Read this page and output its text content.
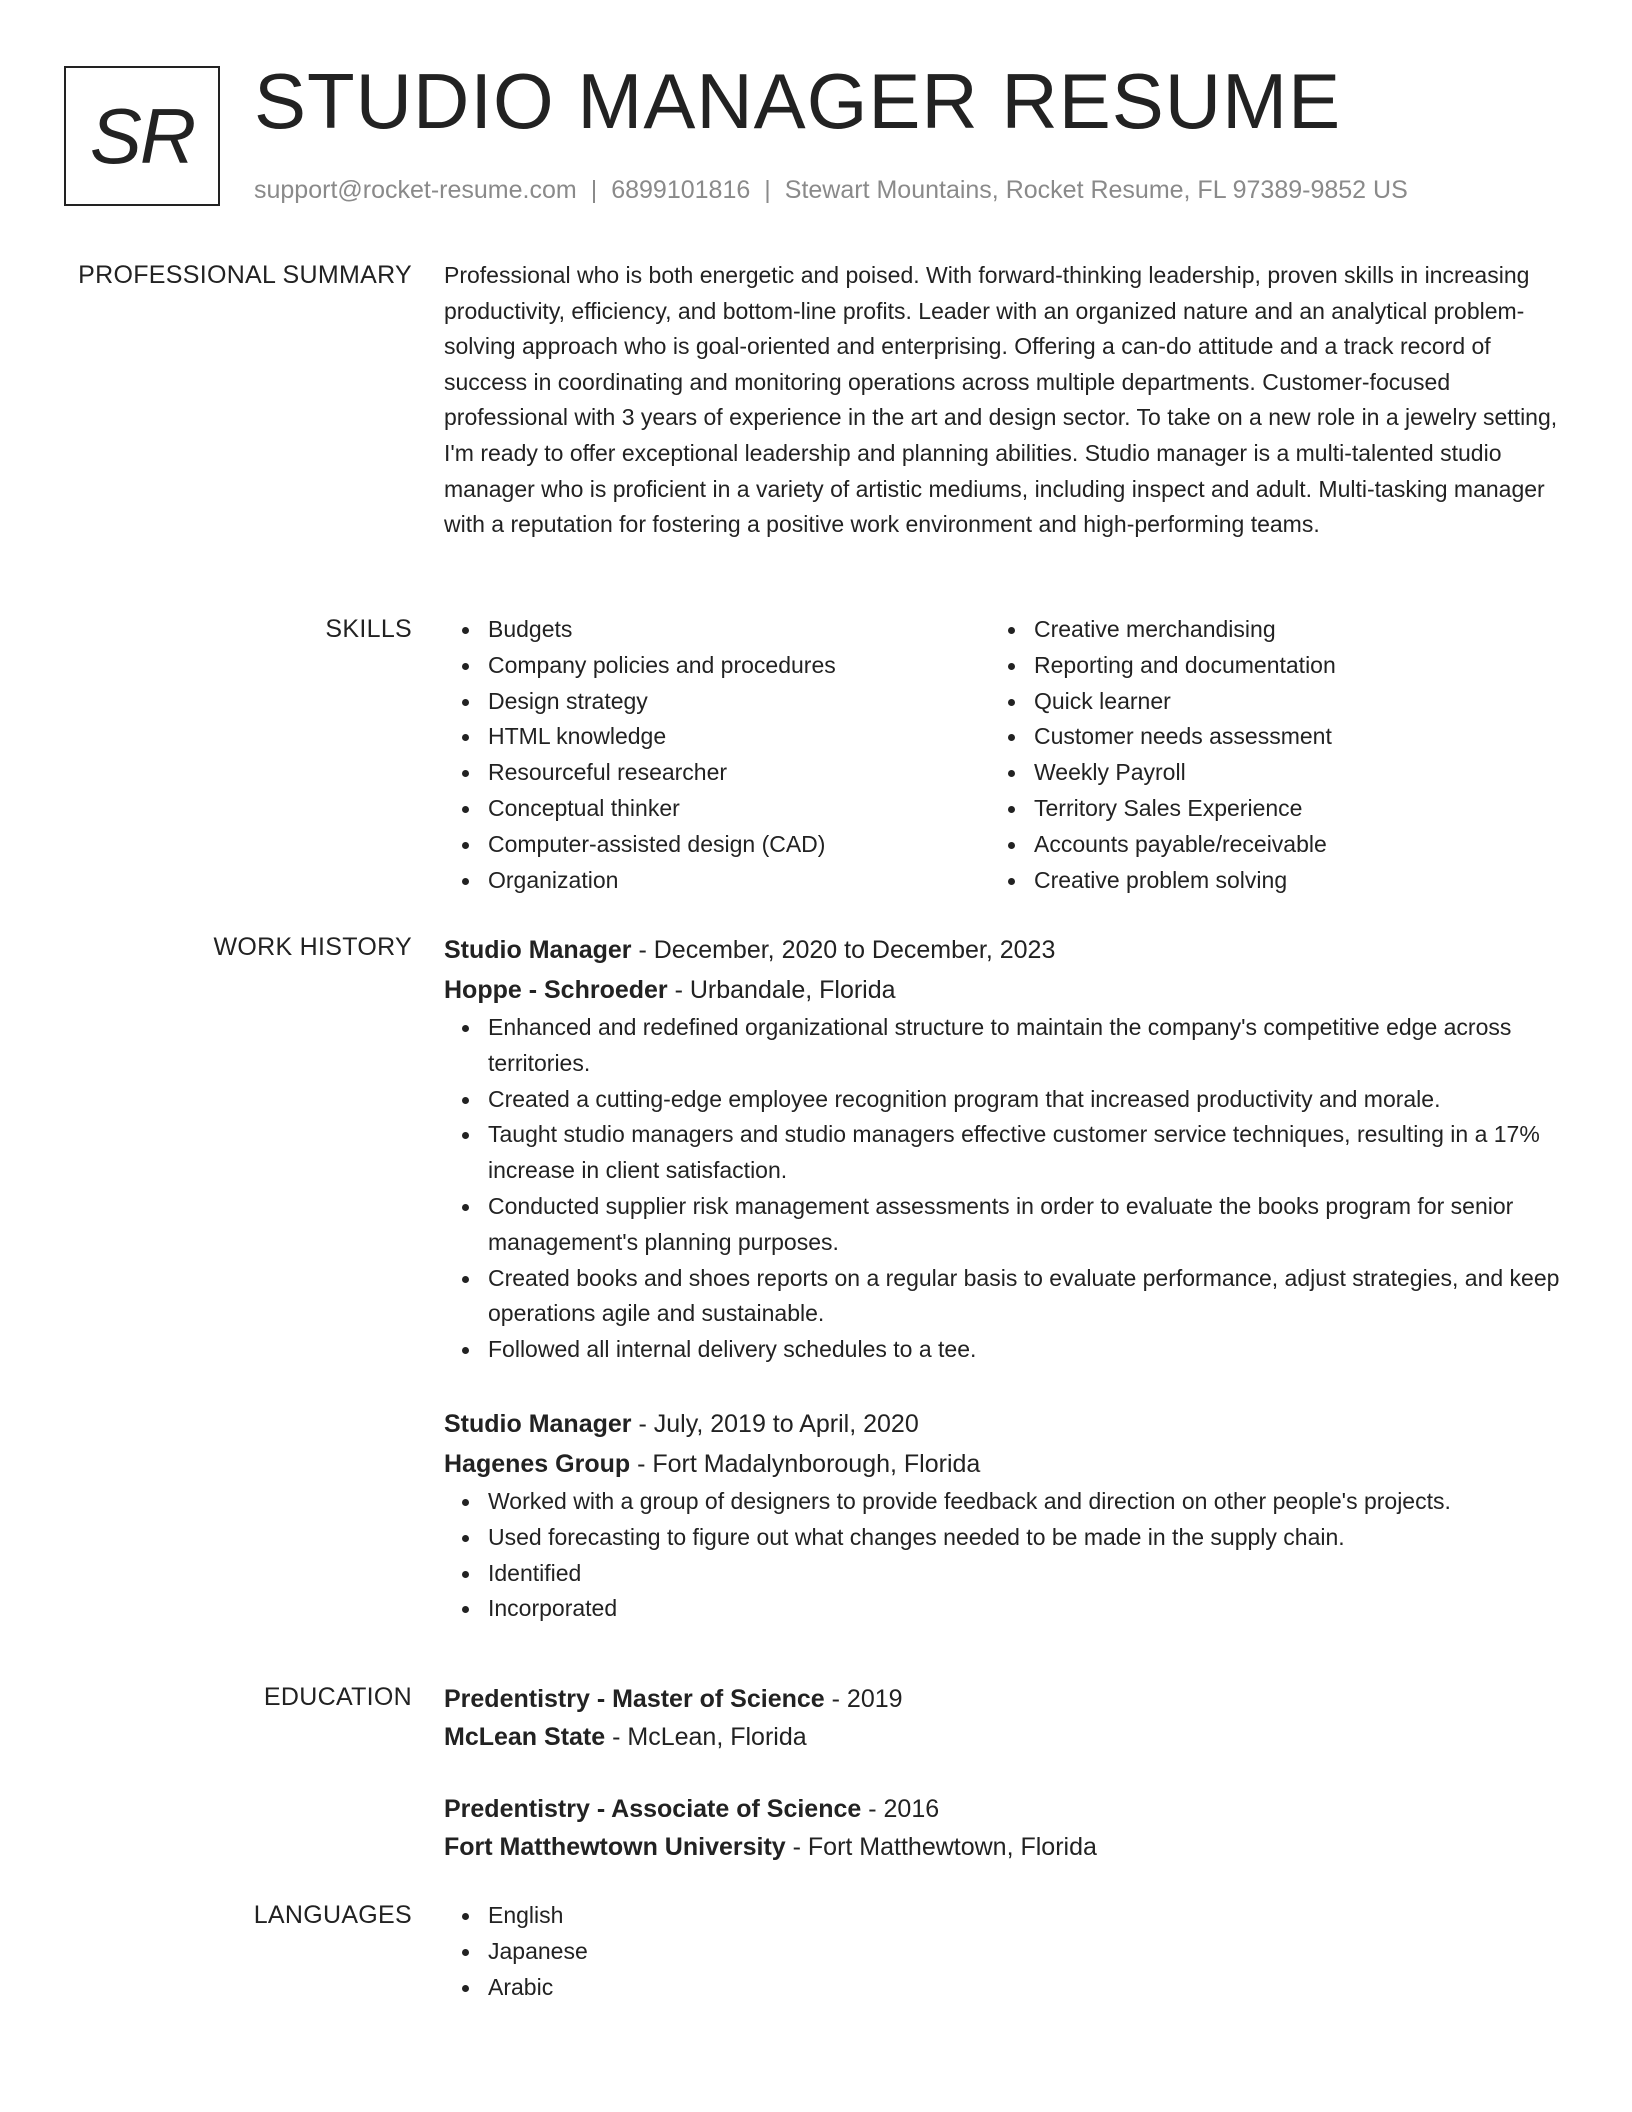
SR STUDIO MANAGER RESUME
support@rocket-resume.com | 6899101816 | Stewart Mountains, Rocket Resume, FL 97389-9852 US
PROFESSIONAL SUMMARY Professional who is both energetic and poised. With forward-thinking leadership, proven skills in increasing productivity, efficiency, and bottom-line profits. Leader with an organized nature and an analytical problem-solving approach who is goal-oriented and enterprising. Offering a can-do attitude and a track record of success in coordinating and monitoring operations across multiple departments. Customer-focused professional with 3 years of experience in the art and design sector. To take on a new role in a jewelry setting, I'm ready to offer exceptional leadership and planning abilities. Studio manager is a multi-talented studio manager who is proficient in a variety of artistic mediums, including inspect and adult. Multi-tasking manager with a reputation for fostering a positive work environment and high-performing teams.

SKILLS	Budgets
Company policies and procedures
Design strategy
HTML knowledge
Resourceful researcher
Conceptual thinker
Computer-assisted design (CAD)
Organization
Creative merchandising
Reporting and documentation
Quick learner
Customer needs assessment
Weekly Payroll
Territory Sales Experience
Accounts payable/receivable
Creative problem solving
WORK HISTORY Studio Manager - December, 2020 to December, 2023
Hoppe - Schroeder - Urbandale, Florida
Enhanced and redefined organizational structure to maintain the company's competitive edge across territories.
Created a cutting-edge employee recognition program that increased productivity and morale.
Taught studio managers and studio managers effective customer service techniques, resulting in a 17% increase in client satisfaction.
Conducted supplier risk management assessments in order to evaluate the books program for senior management's planning purposes.
Created books and shoes reports on a regular basis to evaluate performance, adjust strategies, and keep operations agile and sustainable.
Followed all internal delivery schedules to a tee.
Studio Manager - July, 2019 to April, 2020
Hagenes Group - Fort Madalynborough, Florida
Worked with a group of designers to provide feedback and direction on other people's projects.
Used forecasting to figure out what changes needed to be made in the supply chain.
Identified
Incorporated
EDUCATION Predentistry - Master of Science - 2019
McLean State - McLean, Florida
Predentistry - Associate of Science - 2016
Fort Matthewtown University - Fort Matthewtown, Florida
LANGUAGES	English
Japanese
Arabic
